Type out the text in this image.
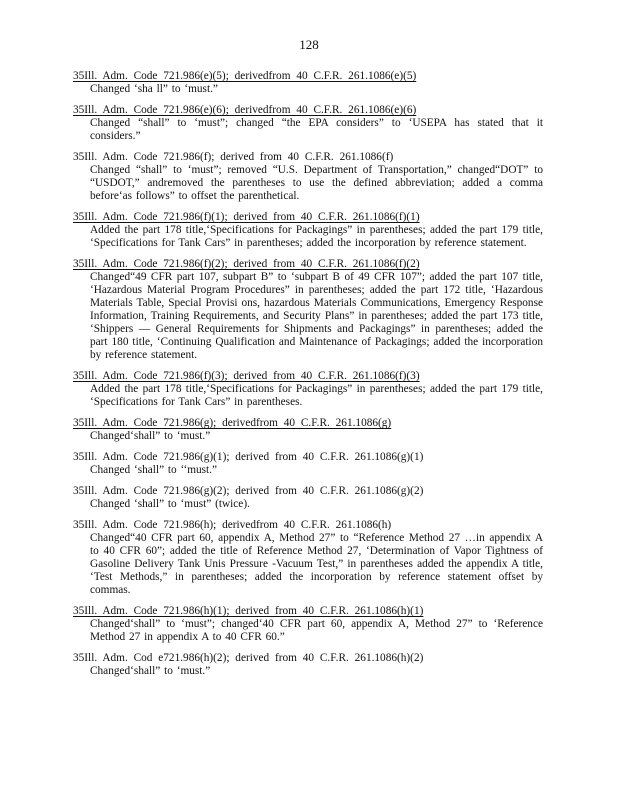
128
35Ill. Adm. Code 721.986(e)(5); derivedfrom 40 C.F.R. 261.1086(e)(5)
Changed ‘sha ll” to ‘must.”
35Ill. Adm. Code 721.986(e)(6); derivedfrom 40 C.F.R. 261.1086(e)(6)
Changed “shall” to ‘must”; changed “the EPA considers” to ‘USEPA has stated that it considers.”
35Ill. Adm. Code 721.986(f); derived from 40 C.F.R. 261.1086(f)
Changed “shall” to ‘must”; removed “U.S. Department of Transportation,” changed“DOT” to “USDOT,” andremoved the parentheses to use the defined abbreviation; added a comma before‘as follows” to offset the parenthetical.
35Ill. Adm. Code 721.986(f)(1); derived from 40 C.F.R. 261.1086(f)(1)
Added the part 178 title,‘Specifications for Packagings” in parentheses; added the part 179 title, ‘Specifications for Tank Cars” in parentheses; added the incorporation by reference statement.
35Ill. Adm. Code 721.986(f)(2); derived from 40 C.F.R. 261.1086(f)(2)
Changed“49 CFR part 107, subpart B” to ‘subpart B of 49 CFR 107”; added the part 107 title, ‘Hazardous Material Program Procedures” in parentheses; added the part 172 title, ‘Hazardous Materials Table, Special Provisi ons, hazardous Materials Communications, Emergency Response Information, Training Requirements, and Security Plans” in parentheses; added the part 173 title, ‘Shippers — General Requirements for Shipments and Packagings” in parentheses; added the part 180 title, ‘Continuing Qualification and Maintenance of Packagings; added the incorporation by reference statement.
35Ill. Adm. Code 721.986(f)(3); derived from 40 C.F.R. 261.1086(f)(3)
Added the part 178 title,‘Specifications for Packagings” in parentheses; added the part 179 title, ‘Specifications for Tank Cars” in parentheses.
35Ill. Adm. Code 721.986(g); derivedfrom 40 C.F.R. 261.1086(g)
Changed‘shall” to ‘must.”
35Ill. Adm. Code 721.986(g)(1); derived from 40 C.F.R. 261.1086(g)(1)
Changed ‘shall” to ‘‘must.”
35Ill. Adm. Code 721.986(g)(2); derived from 40 C.F.R. 261.1086(g)(2)
Changed ‘shall” to ‘must” (twice).
35Ill. Adm. Code 721.986(h); derivedfrom 40 C.F.R. 261.1086(h)
Changed“40 CFR part 60, appendix A, Method 27” to “Reference Method 27 …in appendix A to 40 CFR 60”; added the title of Reference Method 27, ‘Determination of Vapor Tightness of Gasoline Delivery Tank Unis Pressure -Vacuum Test,” in parentheses added the appendix A title, ‘Test Methods,” in parentheses; added the incorporation by reference statement offset by commas.
35Ill. Adm. Code 721.986(h)(1); derived from 40 C.F.R. 261.1086(h)(1)
Changed‘shall” to ‘must”; changed‘40 CFR part 60, appendix A, Method 27” to ‘Reference Method 27 in appendix A to 40 CFR 60.”
35Ill. Adm. Cod e721.986(h)(2); derived from 40 C.F.R. 261.1086(h)(2)
Changed‘shall” to ‘must.”
